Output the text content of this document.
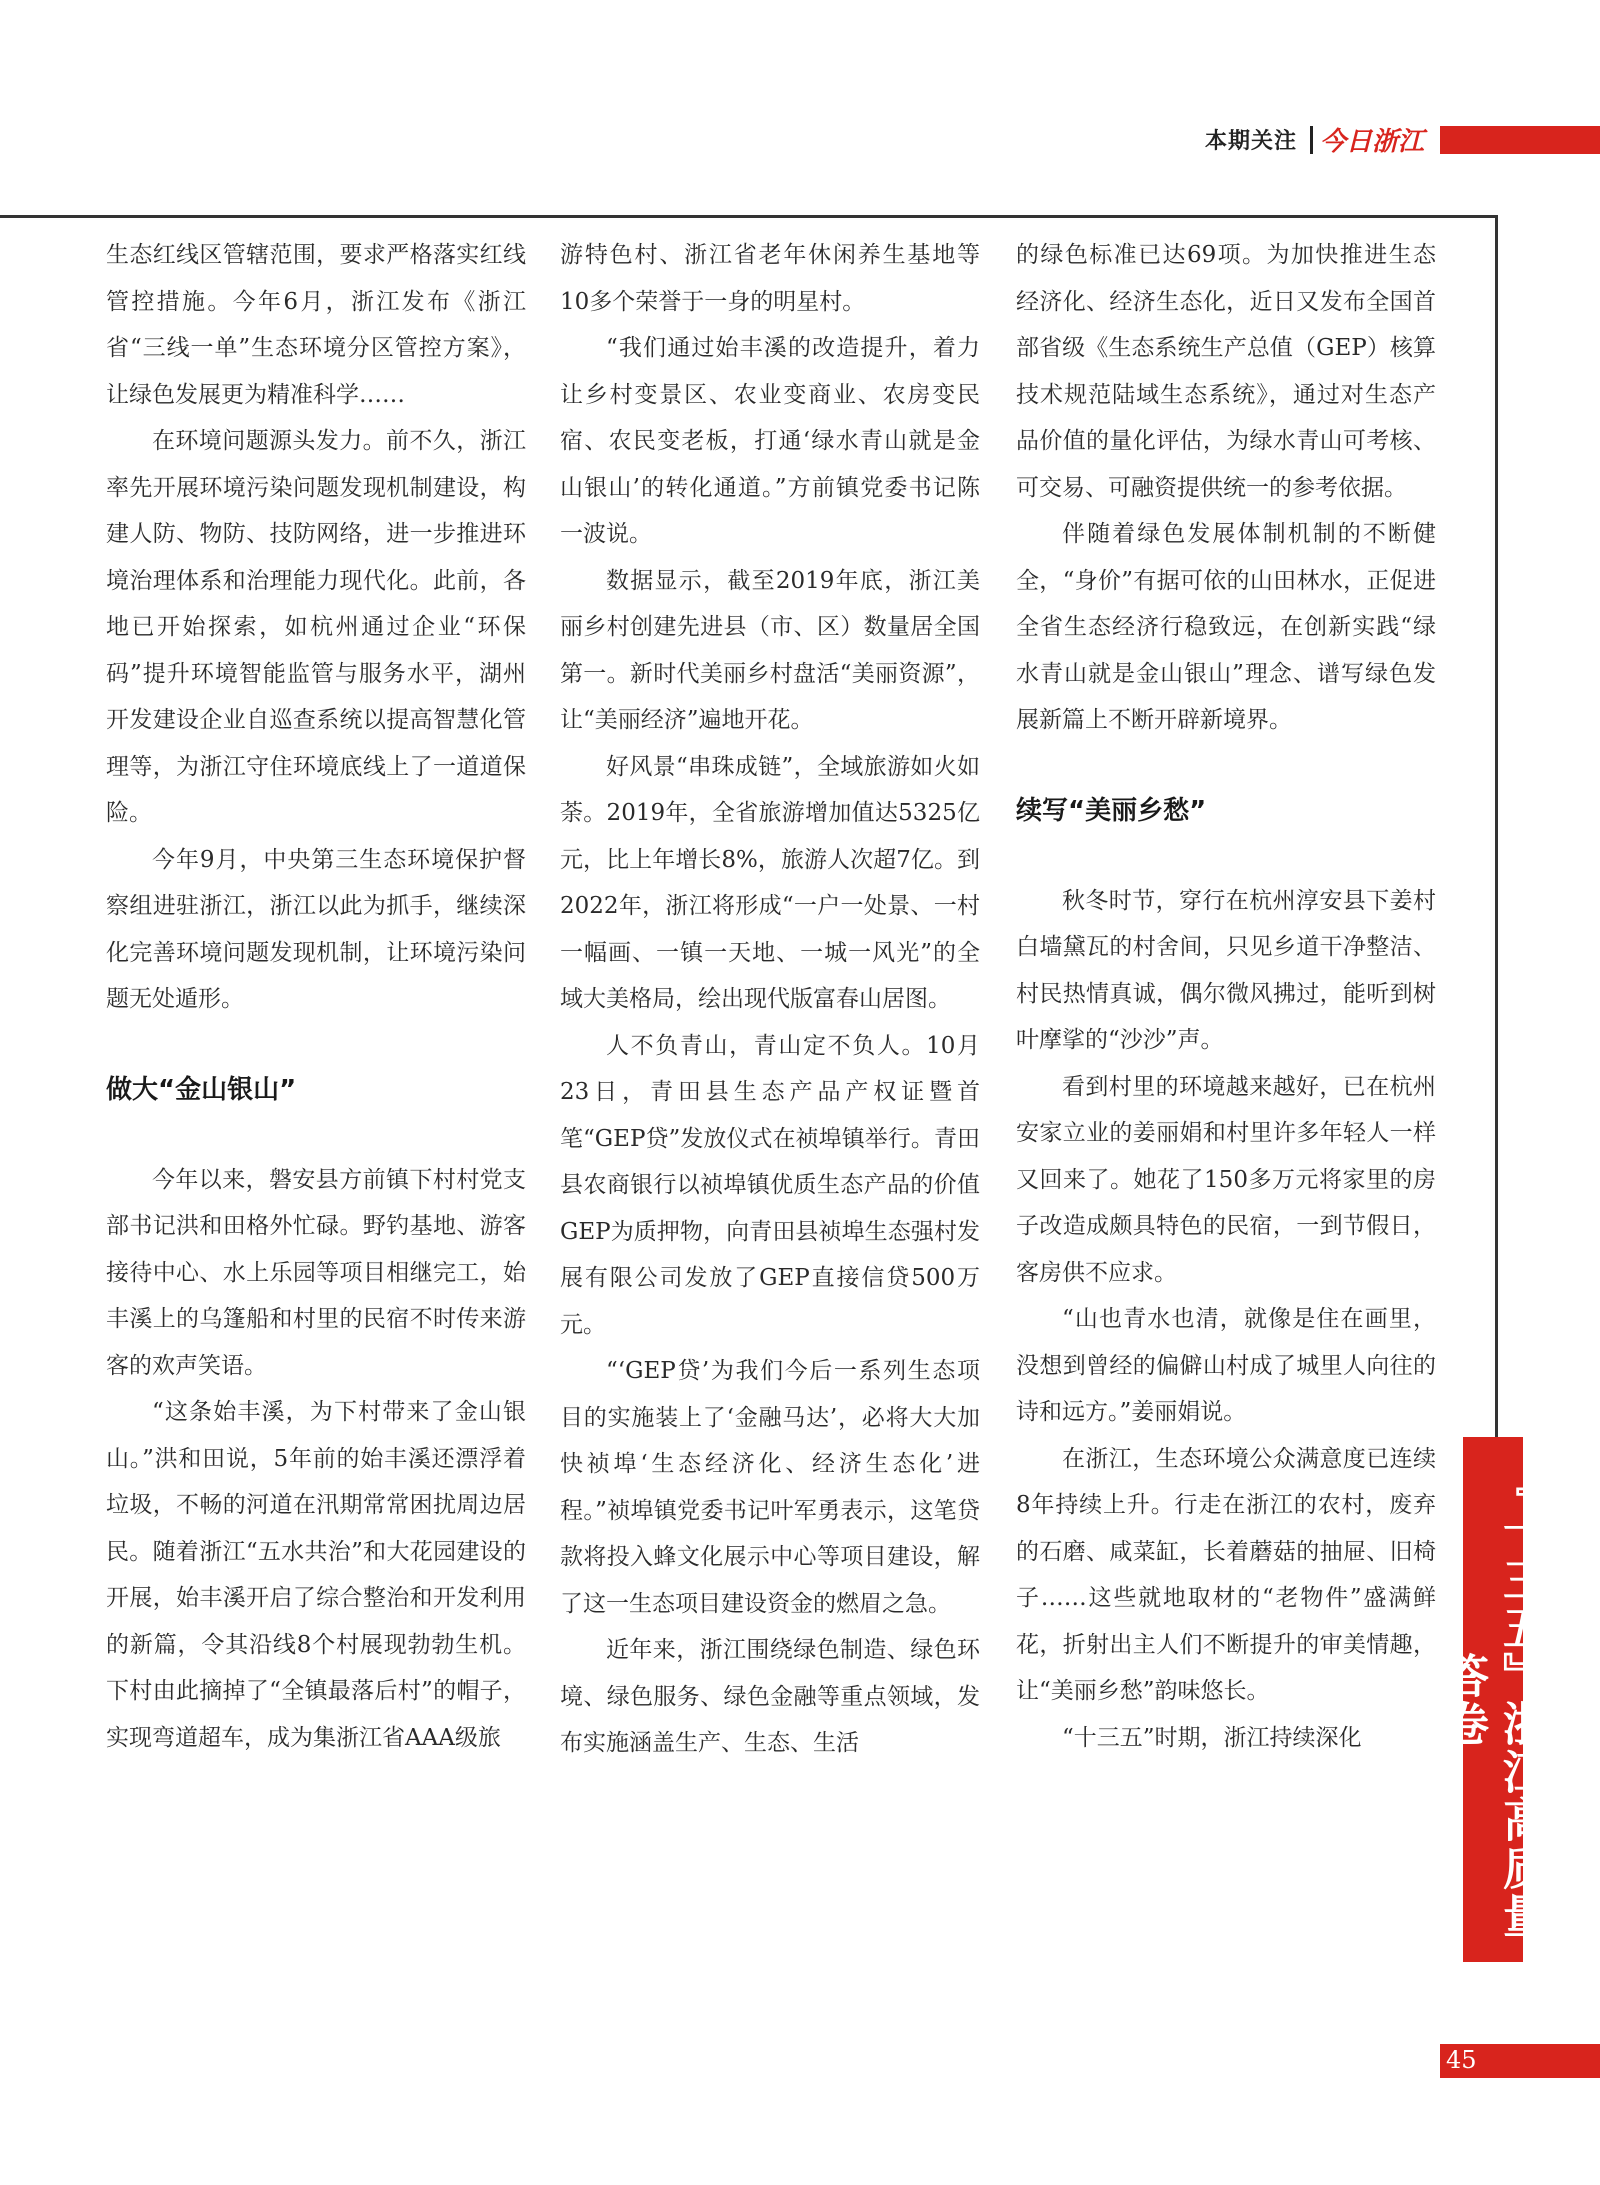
本期关注 今日浙江

生态红线区管辖范围，要求严格落实红线管控措施。今年6月，浙江发布《浙江省“三线一单”生态环境分区管控方案》，让绿色发展更为精准科学……

在环境问题源头发力。前不久，浙江率先开展环境污染问题发现机制建设，构建人防、物防、技防网络，进一步推进环境治理体系和治理能力现代化。此前，各地已开始探索，如杭州通过企业“环保码”提升环境智能监管与服务水平，湖州开发建设企业自巡查系统以提高智慧化管理等，为浙江守住环境底线上了一道道保险。

今年9月，中央第三生态环境保护督察组进驻浙江，浙江以此为抓手，继续深化完善环境问题发现机制，让环境污染问题无处遁形。

做大“金山银山”

今年以来，磐安县方前镇下村村党支部书记洪和田格外忙碌。野钓基地、游客接待中心、水上乐园等项目相继完工，始丰溪上的乌篷船和村里的民宿不时传来游客的欢声笑语。

“这条始丰溪，为下村带来了金山银山。”洪和田说，5年前的始丰溪还漂浮着垃圾，不畅的河道在汛期常常困扰周边居民。随着浙江“五水共治”和大花园建设的开展，始丰溪开启了综合整治和开发利用的新篇，令其沿线8个村展现勃勃生机。下村由此摘掉了“全镇最落后村”的帽子，实现弯道超车，成为集浙江省AAA级旅

游特色村、浙江省老年休闲养生基地等10多个荣誉于一身的明星村。

“我们通过始丰溪的改造提升，着力让乡村变景区、农业变商业、农房变民宿、农民变老板，打通‘绿水青山就是金山银山’的转化通道。”方前镇党委书记陈一波说。

数据显示，截至2019年底，浙江美丽乡村创建先进县（市、区）数量居全国第一。新时代美丽乡村盘活“美丽资源”，让“美丽经济”遍地开花。

好风景“串珠成链”，全域旅游如火如荼。2019年，全省旅游增加值达5325亿元，比上年增长8%，旅游人次超7亿。到2022年，浙江将形成“一户一处景、一村一幅画、一镇一天地、一城一风光”的全域大美格局，绘出现代版富春山居图。

人不负青山，青山定不负人。10月23日，青田县生态产品产权证暨首笔“GEP贷”发放仪式在祯埠镇举行。青田县农商银行以祯埠镇优质生态产品的价值GEP为质押物，向青田县祯埠生态强村发展有限公司发放了GEP直接信贷500万元。

“‘GEP贷’为我们今后一系列生态项目的实施装上了‘金融马达’，必将大大加快祯埠‘生态经济化、经济生态化’进程。”祯埠镇党委书记叶军勇表示，这笔贷款将投入蜂文化展示中心等项目建设，解了这一生态项目建设资金的燃眉之急。

近年来，浙江围绕绿色制造、绿色环境、绿色服务、绿色金融等重点领域，发布实施涵盖生产、生态、生活

的绿色标准已达69项。为加快推进生态经济化、经济生态化，近日又发布全国首部省级《生态系统生产总值（GEP）核算技术规范陆域生态系统》，通过对生态产品价值的量化评估，为绿水青山可考核、可交易、可融资提供统一的参考依据。

伴随着绿色发展体制机制的不断健全，“身价”有据可依的山田林水，正促进全省生态经济行稳致远，在创新实践“绿水青山就是金山银山”理念、谱写绿色发展新篇上不断开辟新境界。

续写“美丽乡愁”

秋冬时节，穿行在杭州淳安县下姜村白墙黛瓦的村舍间，只见乡道干净整洁、村民热情真诚，偶尔微风拂过，能听到树叶摩挲的“沙沙”声。

看到村里的环境越来越好，已在杭州安家立业的姜丽娟和村里许多年轻人一样又回来了。她花了150多万元将家里的房子改造成颇具特色的民宿，一到节假日，客房供不应求。

“山也青水也清，就像是住在画里，没想到曾经的偏僻山村成了城里人向往的诗和远方。”姜丽娟说。

在浙江，生态环境公众满意度已连续8年持续上升。行走在浙江的农村，废弃的石磨、咸菜缸，长着蘑菇的抽屉、旧椅子……这些就地取材的“老物件”盛满鲜花，折射出主人们不断提升的审美情趣，让“美丽乡愁”韵味悠长。

“十三五”时期，浙江持续深化	『十三五』浙江高质量答卷
45
